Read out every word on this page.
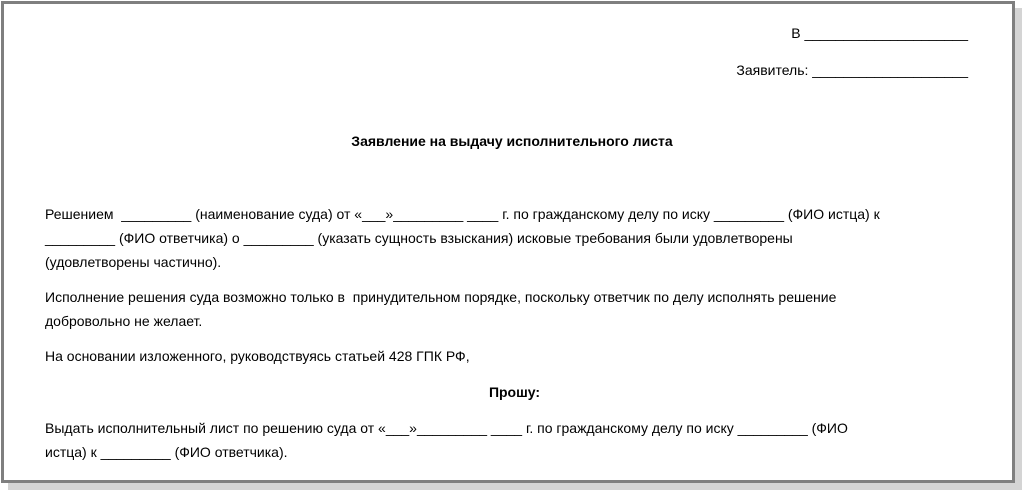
В _____________________
Заявитель: ____________________
Заявление на выдачу исполнительного листа
Решением  _________ (наименование суда) от «___»_________ ____ г. по гражданскому делу по иску _________ (ФИО истца) к
_________ (ФИО ответчика) о _________ (указать сущность взыскания) исковые требования были удовлетворены
(удовлетворены частично).
Исполнение решения суда возможно только в  принудительном порядке, поскольку ответчик по делу исполнять решение
добровольно не желает.
На основании изложенного, руководствуясь статьей 428 ГПК РФ,
Прошу:
Выдать исполнительный лист по решению суда от «___»_________ ____ г. по гражданскому делу по иску _________ (ФИО
истца) к _________ (ФИО ответчика).
